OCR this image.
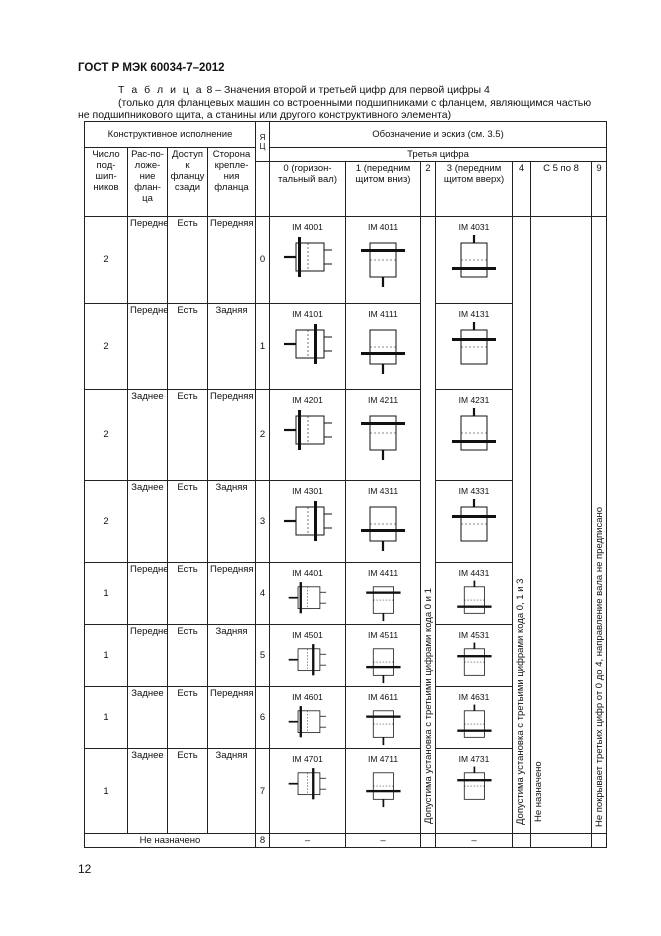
ГОСТ Р МЭК 60034-7–2012
Т а б л и ц а 8 – Значения второй и третьей цифр для первой цифры 4
(только для фланцевых машин со встроенными подшипниками с фланцем, являющимся частью
не подшипникового щита, а станины или другого конструктивного элемента)
Конструктивное исполнение				Я Ц	Обозначение и эскиз (см. 3.5)						
Число под-шип-ников	Рас-по-ложе-ние флан-ца	Доступ к фланцу сзади	Сторона крепле-ния фланца		Третья цифра						
					0 (горизон-тальный вал)	1 (передним щитом вниз)	2	3 (передним щитом вверх)	4	С 5 по 8	9
2	Передне	Есть	Передняя	0	IM 4001	IM 4011	Допустима установка с третьими цифрами кода 0 и 1	IM 4031	Допустима установка с третьими цифрами кода 0, 1 и 3	Не назначено	Не покрывает третьих цифр от 0 до 4, направление вала не предписано

2	Передне	Есть	Задняя	1	IM 4101	IM 4111		IM 4131			

2	Заднее	Есть	Передняя	2	IM 4201	IM 4211		IM 4231			

2	Заднее	Есть	Задняя	3	IM 4301	IM 4311		IM 4331			

1	Передне	Есть	Передняя	4	IM 4401	IM 4411		IM 4431			

1	Передне	Есть	Задняя	5	IM 4501	IM 4511		IM 4531			

1	Заднее	Есть	Передняя	6	IM 4601	IM 4611		IM 4631			

1	Заднее	Есть	Задняя	7	IM 4701	IM 4711		IM 4731			

Не назначено				8	–	–		–			
12
